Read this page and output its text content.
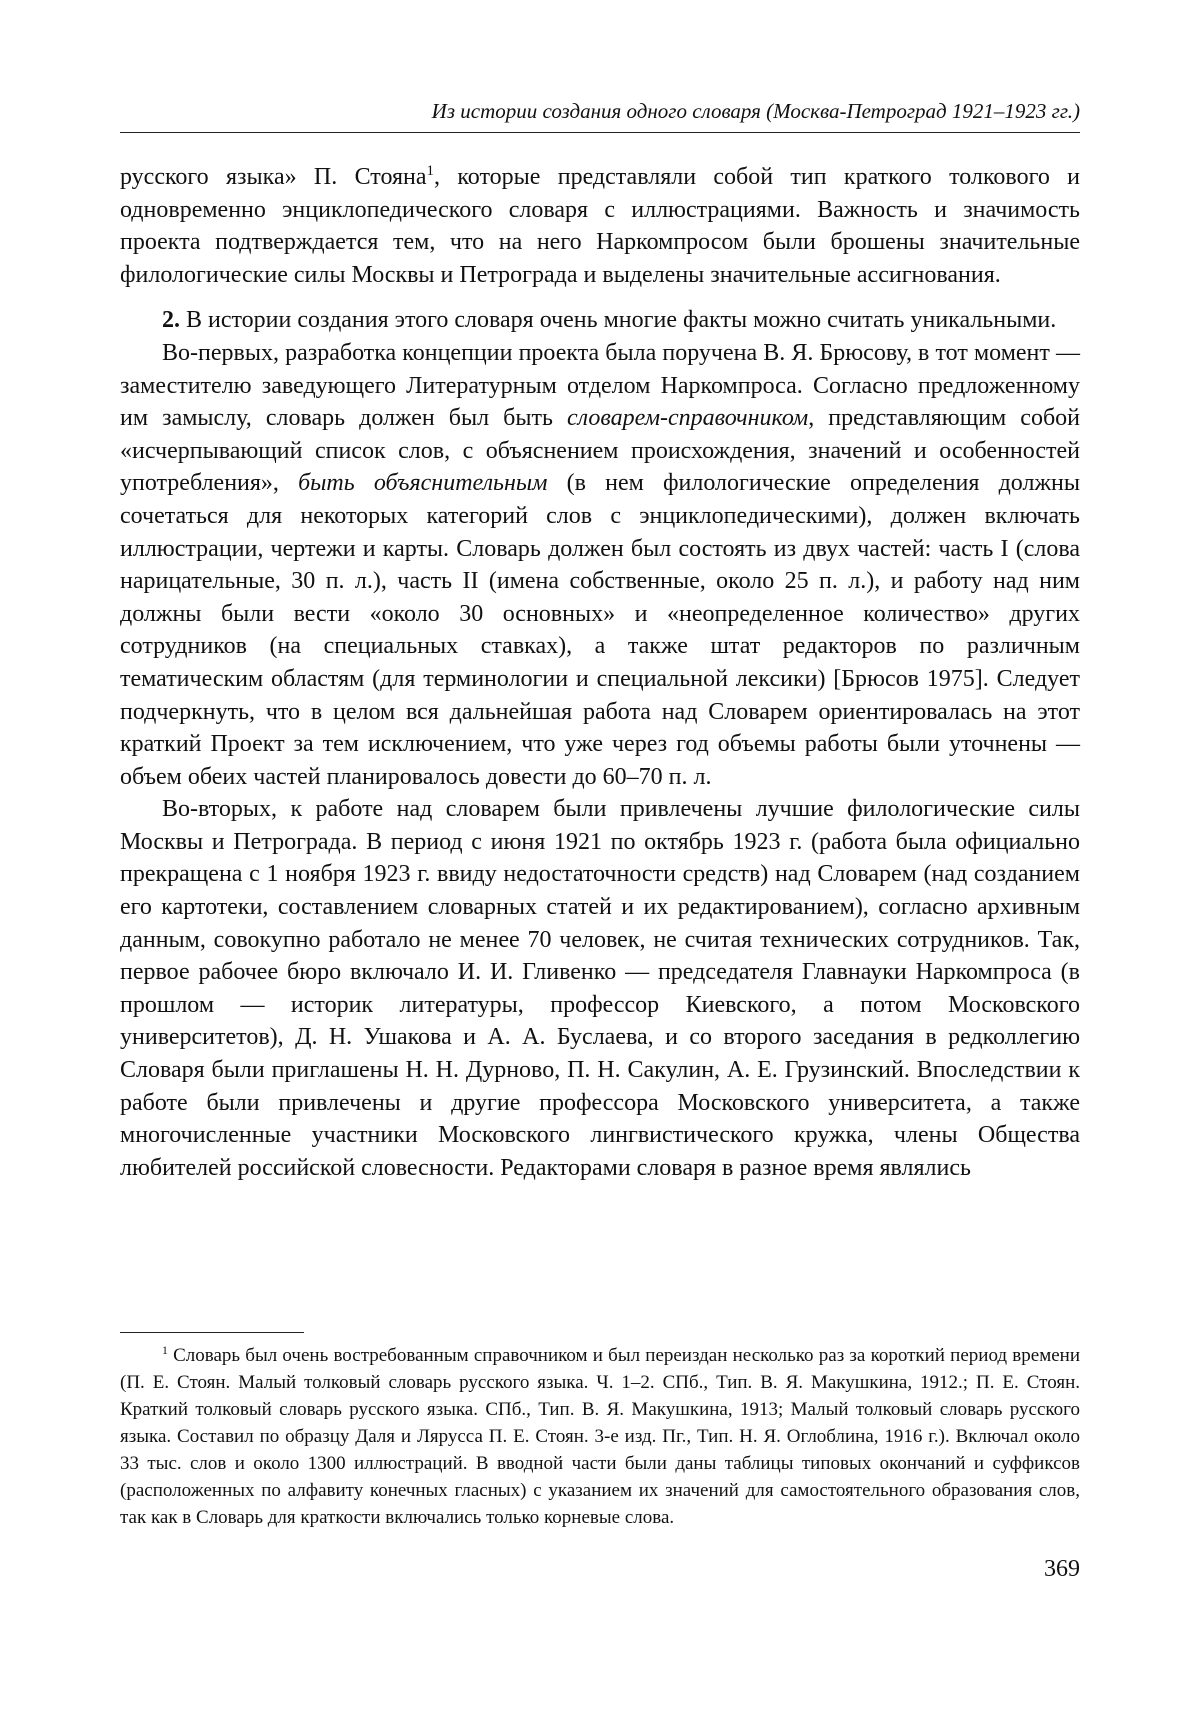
Из истории создания одного словаря (Москва-Петроград 1921–1923 гг.)

русского языка» П. Стояна$^1$, которые представляли собой тип краткого толкового и одновременно энциклопедического словаря с иллюстрациями. Важность и значимость проекта подтверждается тем, что на него Наркомпросом были брошены значительные филологические силы Москвы и Петрограда и выделены значительные ассигнования.

2. В истории создания этого словаря очень многие факты можно считать уникальными.

Во-первых, разработка концепции проекта была поручена В. Я. Брюсову, в тот момент — заместителю заведующего Литературным отделом Наркомпроса. Согласно предложенному им замыслу, словарь должен был быть словарем-справочником, представляющим собой «исчерпывающий список слов, с объяснением происхождения, значений и особенностей употребления», быть объяснительным (в нем филологические определения должны сочетаться для некоторых категорий слов с энциклопедическими), должен включать иллюстрации, чертежи и карты. Словарь должен был состоять из двух частей: часть I (слова нарицательные, 30 п. л.), часть II (имена собственные, около 25 п. л.), и работу над ним должны были вести «около 30 основных» и «неопределенное количество» других сотрудников (на специальных ставках), а также штат редакторов по различным тематическим областям (для терминологии и специальной лексики) [Брюсов 1975]. Следует подчеркнуть, что в целом вся дальнейшая работа над Словарем ориентировалась на этот краткий Проект за тем исключением, что уже через год объемы работы были уточнены — объем обеих частей планировалось довести до 60–70 п. л.

Во-вторых, к работе над словарем были привлечены лучшие филологические силы Москвы и Петрограда. В период с июня 1921 по октябрь 1923 г. (работа была официально прекращена с 1 ноября 1923 г. ввиду недостаточности средств) над Словарем (над созданием его картотеки, составлением словарных статей и их редактированием), согласно архивным данным, совокупно работало не менее 70 человек, не считая технических сотрудников. Так, первое рабочее бюро включало И. И. Гливенко — председателя Главнауки Наркомпроса (в прошлом — историк литературы, профессор Киевского, а потом Московского университетов), Д. Н. Ушакова и А. А. Буслаева, и со второго заседания в редколлегию Словаря были приглашены Н. Н. Дурново, П. Н. Сакулин, А. Е. Грузинский. Впоследствии к работе были привлечены и другие профессора Московского университета, а также многочисленные участники Московского лингвистического кружка, члены Общества любителей российской словесности. Редакторами словаря в разное время являлись

$^1$ Словарь был очень востребованным справочником и был переиздан несколько раз за короткий период времени (П. Е. Стоян. Малый толковый словарь русского языка. Ч. 1–2. СПб., Тип. В. Я. Макушкина, 1912.; П. Е. Стоян. Краткий толковый словарь русского языка. СПб., Тип. В. Я. Макушкина, 1913; Малый толковый словарь русского языка. Составил по образцу Даля и Лярусса П. Е. Стоян. 3-е изд. Пг., Тип. Н. Я. Оглоблина, 1916 г.). Включал около 33 тыс. слов и около 1300 иллюстраций. В вводной части были даны таблицы типовых окончаний и суффиксов (расположенных по алфавиту конечных гласных) с указанием их значений для самостоятельного образования слов, так как в Словарь для краткости включались только корневые слова.
369
